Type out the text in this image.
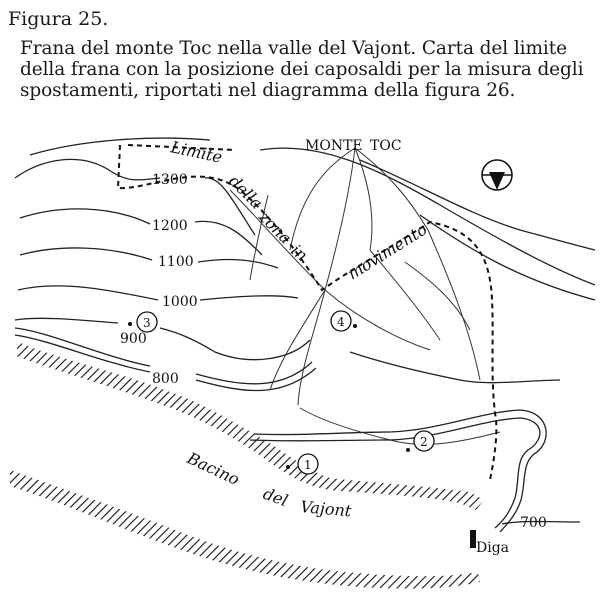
Figura 25.
Frana del monte Toc nella valle del Vajont. Carta del limite della frana con la posizione dei caposaldi per la misura degli spostamenti, riportati nel diagramma della figura 26.
MONTE TOC
1300
1200
1100
1000
900
800
700
Limite
della
zona
in movimento
Bacino
del Vajont
Diga
1
2
3	4
